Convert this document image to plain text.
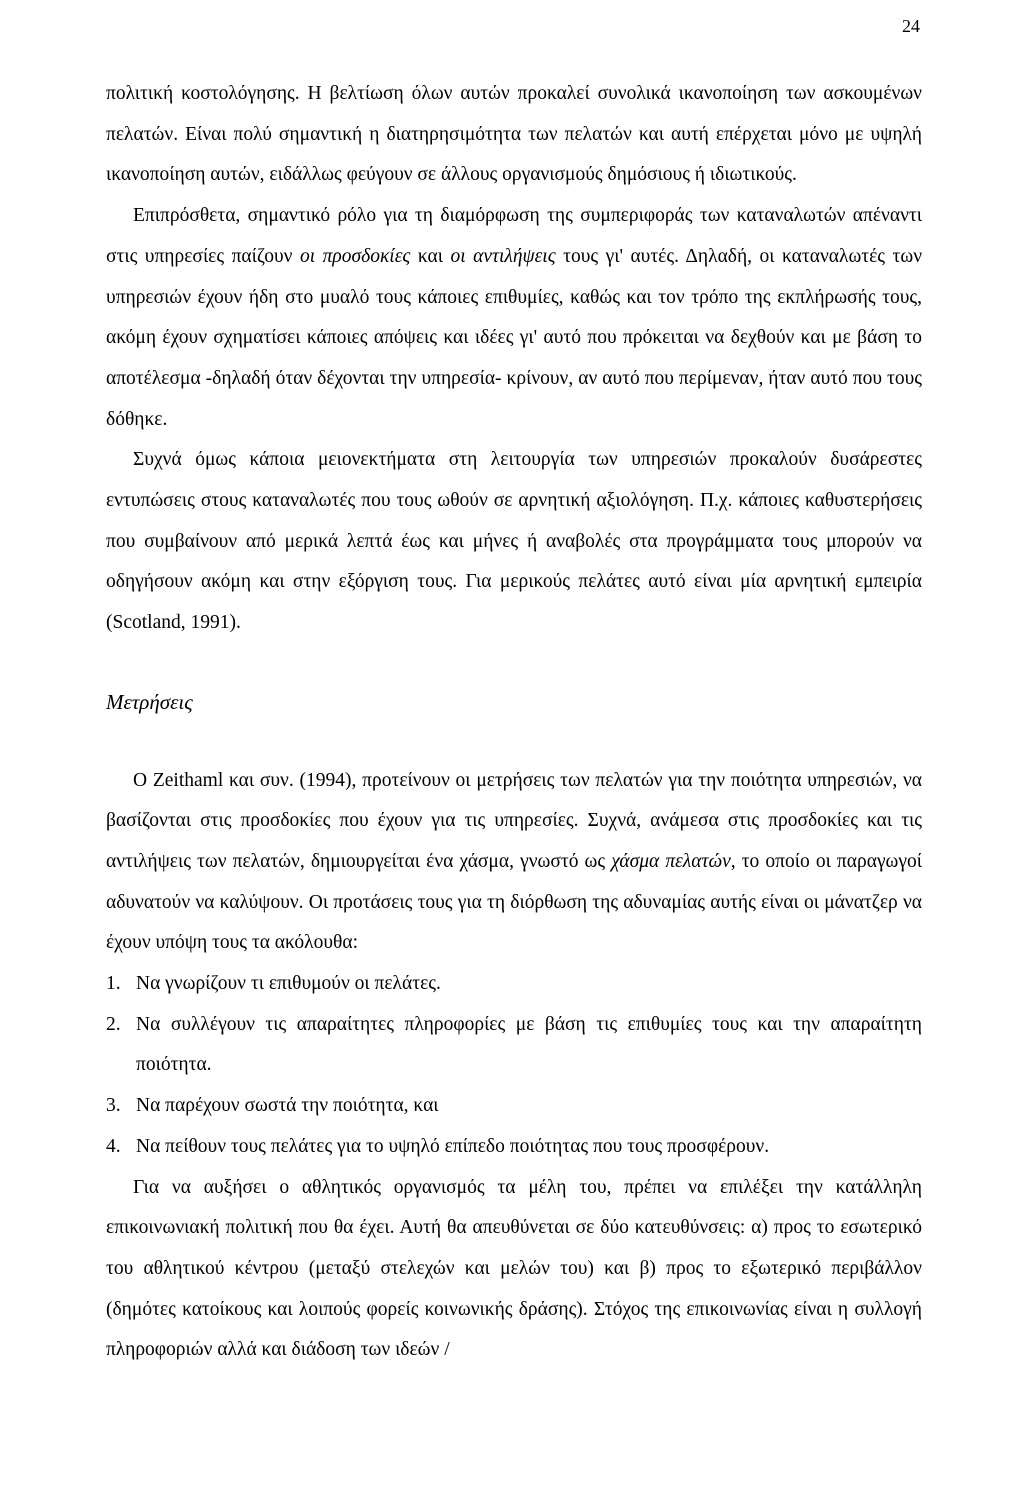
24

πολιτική κοστολόγησης. Η βελτίωση όλων αυτών προκαλεί συνολικά ικανοποίηση των ασκουμένων πελατών. Είναι πολύ σημαντική η διατηρησιμότητα των πελατών και αυτή επέρχεται μόνο με υψηλή ικανοποίηση αυτών, ειδάλλως φεύγουν σε άλλους οργανισμούς δημόσιους ή ιδιωτικούς.

Επιπρόσθετα, σημαντικό ρόλο για τη διαμόρφωση της συμπεριφοράς των καταναλωτών απέναντι στις υπηρεσίες παίζουν οι προσδοκίες και οι αντιλήψεις τους γι' αυτές. Δηλαδή, οι καταναλωτές των υπηρεσιών έχουν ήδη στο μυαλό τους κάποιες επιθυμίες, καθώς και τον τρόπο της εκπλήρωσής τους, ακόμη έχουν σχηματίσει κάποιες απόψεις και ιδέες γι' αυτό που πρόκειται να δεχθούν και με βάση το αποτέλεσμα -δηλαδή όταν δέχονται την υπηρεσία- κρίνουν, αν αυτό που περίμεναν, ήταν αυτό που τους δόθηκε.

Συχνά όμως κάποια μειονεκτήματα στη λειτουργία των υπηρεσιών προκαλούν δυσάρεστες εντυπώσεις στους καταναλωτές που τους ωθούν σε αρνητική αξιολόγηση. Π.χ. κάποιες καθυστερήσεις που συμβαίνουν από μερικά λεπτά έως και μήνες ή αναβολές στα προγράμματα τους μπορούν να οδηγήσουν ακόμη και στην εξόργιση τους. Για μερικούς πελάτες αυτό είναι μία αρνητική εμπειρία (Scotland, 1991).

Μετρήσεις

Ο Zeithaml και συν. (1994), προτείνουν οι μετρήσεις των πελατών για την ποιότητα υπηρεσιών, να βασίζονται στις προσδοκίες που έχουν για τις υπηρεσίες. Συχνά, ανάμεσα στις προσδοκίες και τις αντιλήψεις των πελατών, δημιουργείται ένα χάσμα, γνωστό ως χάσμα πελατών, το οποίο οι παραγωγοί αδυνατούν να καλύψουν. Οι προτάσεις τους για τη διόρθωση της αδυναμίας αυτής είναι οι μάνατζερ να έχουν υπόψη τους τα ακόλουθα:

1. Να γνωρίζουν τι επιθυμούν οι πελάτες.
2. Να συλλέγουν τις απαραίτητες πληροφορίες με βάση τις επιθυμίες τους και την απαραίτητη ποιότητα.
3. Να παρέχουν σωστά την ποιότητα, και
4. Να πείθουν τους πελάτες για το υψηλό επίπεδο ποιότητας που τους προσφέρουν.

Για να αυξήσει ο αθλητικός οργανισμός τα μέλη του, πρέπει να επιλέξει την κατάλληλη επικοινωνιακή πολιτική που θα έχει. Αυτή θα απευθύνεται σε δύο κατευθύνσεις: α) προς το εσωτερικό του αθλητικού κέντρου (μεταξύ στελεχών και μελών του) και β) προς το εξωτερικό περιβάλλον (δημότες κατοίκους και λοιπούς φορείς κοινωνικής δράσης). Στόχος της επικοινωνίας είναι η συλλογή πληροφοριών αλλά και διάδοση των ιδεών /
